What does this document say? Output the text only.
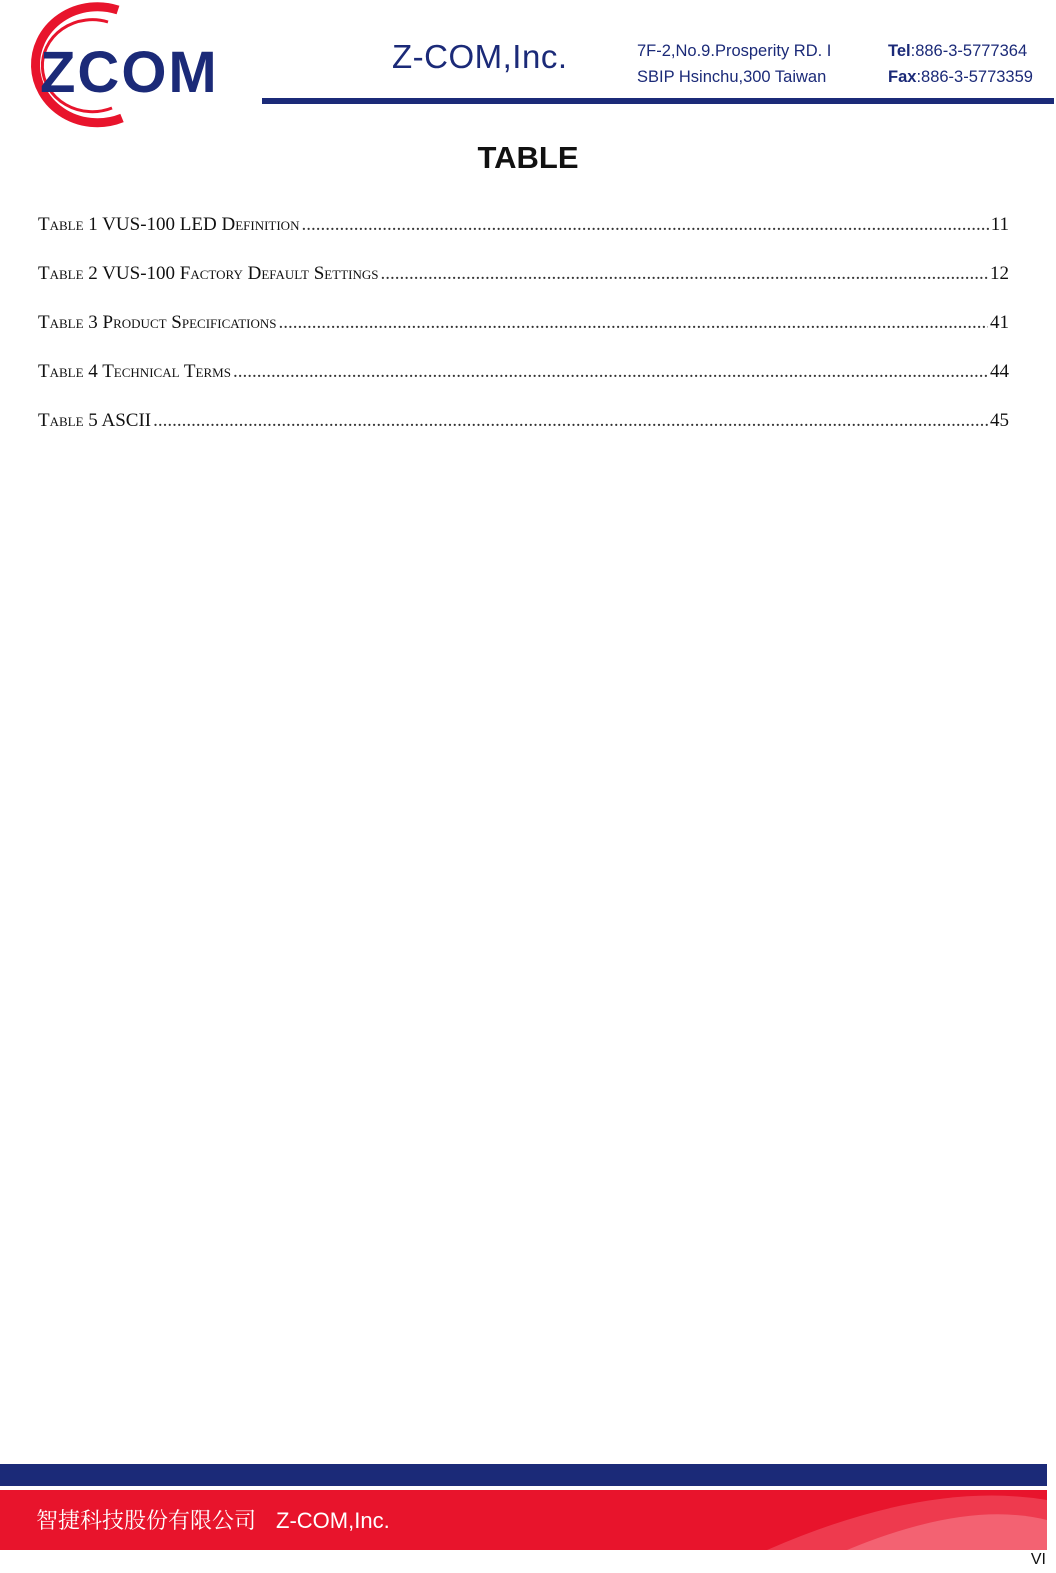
ZCOM	Z-COM,Inc.	7F-2,No.9.Prosperity RD. I
SBIP Hsinchu,300 Taiwan
Tel:886-3-5777364
Fax:886-3-5773359
TABLE
Table 1 VUS-100 LED Definition .....	11
Table 2 VUS-100 Factory Default Settings .....	12
Table 3 Product Specifications .....	41
Table 4 Technical Terms .....	44
Table 5 ASCII .....	45
智捷科技股份有限公司 Z-COM,Inc.
VI
